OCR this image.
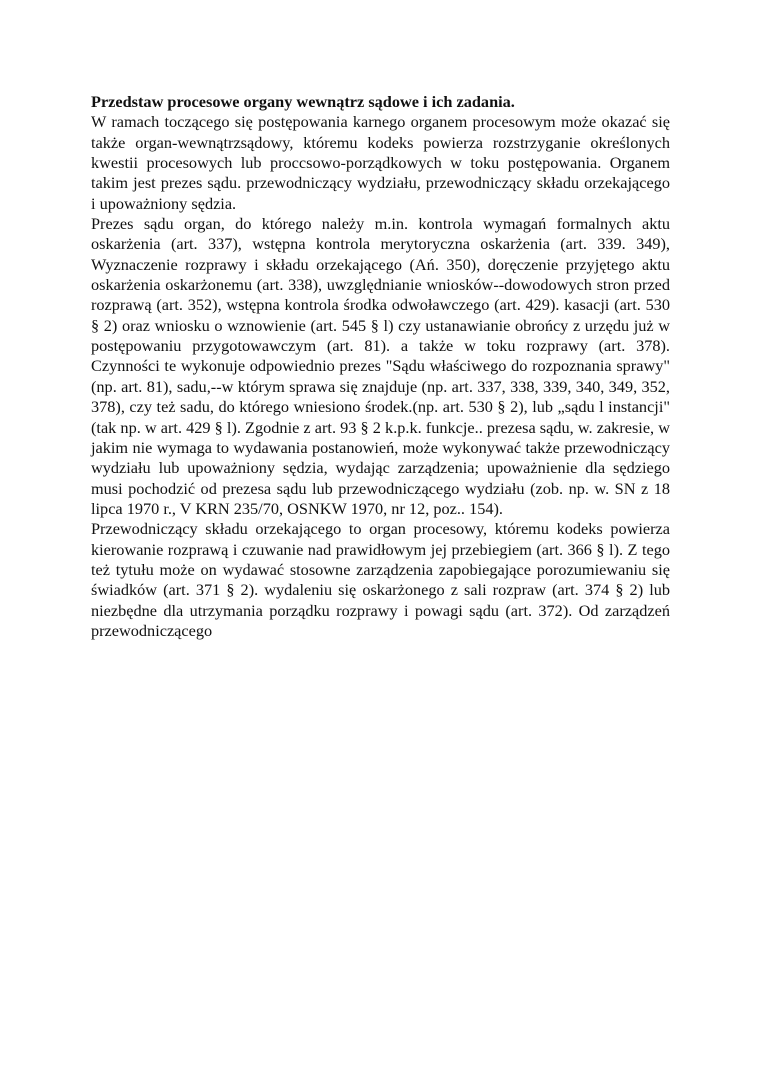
Przedstaw procesowe organy wewnątrz sądowe i ich zadania.

W ramach toczącego się postępowania karnego organem procesowym może okazać się także organ-wewnątrzsądowy, któremu kodeks powierza rozstrzyganie określonych kwestii procesowych lub proccsowo-porządkowych w toku postępowania. Organem takim jest prezes sądu. przewodniczący wydziału, przewodniczący składu orzekającego i upoważniony sędzia.

Prezes sądu organ, do którego należy m.in. kontrola wymagań formalnych aktu oskarżenia (art. 337), wstępna kontrola merytoryczna oskarżenia (art. 339. 349), Wyznaczenie rozprawy i składu orzekającego (Ań. 350), doręczenie przyjętego aktu oskarżenia oskarżonemu (art. 338), uwzględnianie wniosków--dowodowych stron przed rozprawą (art. 352), wstępna kontrola środka odwoławczego (art. 429). kasacji (art. 530 § 2) oraz wniosku o wznowienie (art. 545 § l) czy ustanawianie obrońcy z urzędu już w postępowaniu przygotowawczym (art. 81). a także w toku rozprawy (art. 378). Czynności te wykonuje odpowiednio prezes "Sądu właściwego do rozpoznania sprawy" (np. art. 81), sadu,--w którym sprawa się znajduje (np. art. 337, 338, 339, 340, 349, 352, 378), czy też sadu, do którego wniesiono środek.(np. art. 530 § 2), lub „sądu l instancji" (tak np. w art. 429 § l). Zgodnie z art. 93 § 2 k.p.k. funkcje.. prezesa sądu, w. zakresie, w jakim nie wymaga to wydawania postanowień, może wykonywać także przewodniczący wydziału lub upoważniony sędzia, wydając zarządzenia; upoważnienie dla sędziego musi pochodzić od prezesa sądu lub przewodniczącego wydziału (zob. np. w. SN z 18 lipca 1970 r., V KRN 235/70, OSNKW 1970, nr 12, poz.. 154).

Przewodniczący składu orzekającego to organ procesowy, któremu kodeks powierza kierowanie rozprawą i czuwanie nad prawidłowym jej przebiegiem (art. 366 § l). Z tego też tytułu może on wydawać stosowne zarządzenia zapobiegające porozumiewaniu się świadków (art. 371 § 2). wydaleniu się oskarżonego z sali rozpraw (art. 374 § 2) lub niezbędne dla utrzymania porządku rozprawy i powagi sądu (art. 372). Od zarządzeń przewodniczącego
